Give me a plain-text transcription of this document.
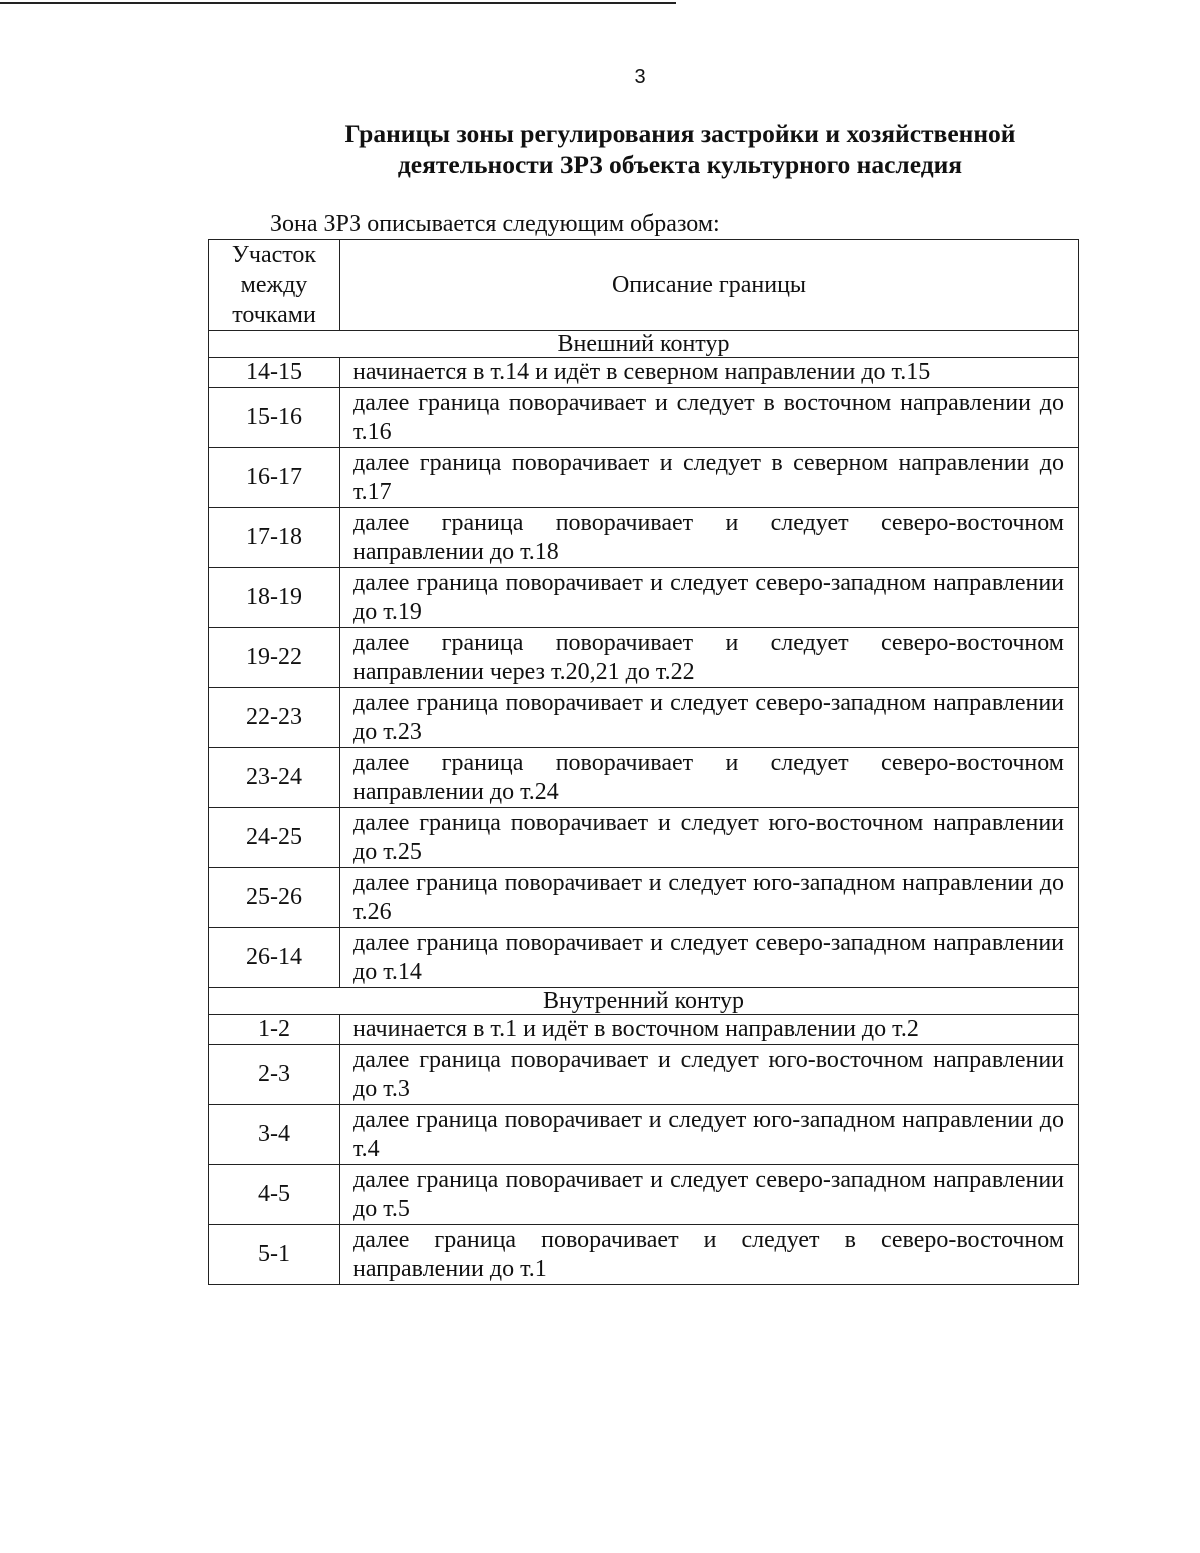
3
Границы зоны регулирования застройки и хозяйственной
деятельности ЗРЗ объекта культурного наследия
Зона ЗРЗ описывается следующим образом:
Участок
между
точками	Описание границы
Внешний контур	
14-15	начинается в т.14 и идёт в северном направлении до т.15
15-16	далее граница поворачивает и следует в восточном направлении до т.16
16-17	далее граница поворачивает и следует в северном направлении до т.17
17-18	далее граница поворачивает и следует северо-восточном направлении до т.18
18-19	далее граница поворачивает и следует северо-западном направлении до т.19
19-22	далее граница поворачивает и следует северо-восточном направлении через т.20,21 до т.22
22-23	далее граница поворачивает и следует северо-западном направлении до т.23
23-24	далее граница поворачивает и следует северо-восточном направлении до т.24
24-25	далее граница поворачивает и следует юго-восточном направлении до т.25
25-26	далее граница поворачивает и следует юго-западном направлении до т.26
26-14	далее граница поворачивает и следует северо-западном направлении до т.14
Внутренний контур	
1-2	начинается в т.1 и идёт в восточном направлении до т.2
2-3	далее граница поворачивает и следует юго-восточном направлении до т.3
3-4	далее граница поворачивает и следует юго-западном направлении до т.4
4-5	далее граница поворачивает и следует северо-западном направлении до т.5
5-1	далее граница поворачивает и следует в северо-восточном направлении до т.1
